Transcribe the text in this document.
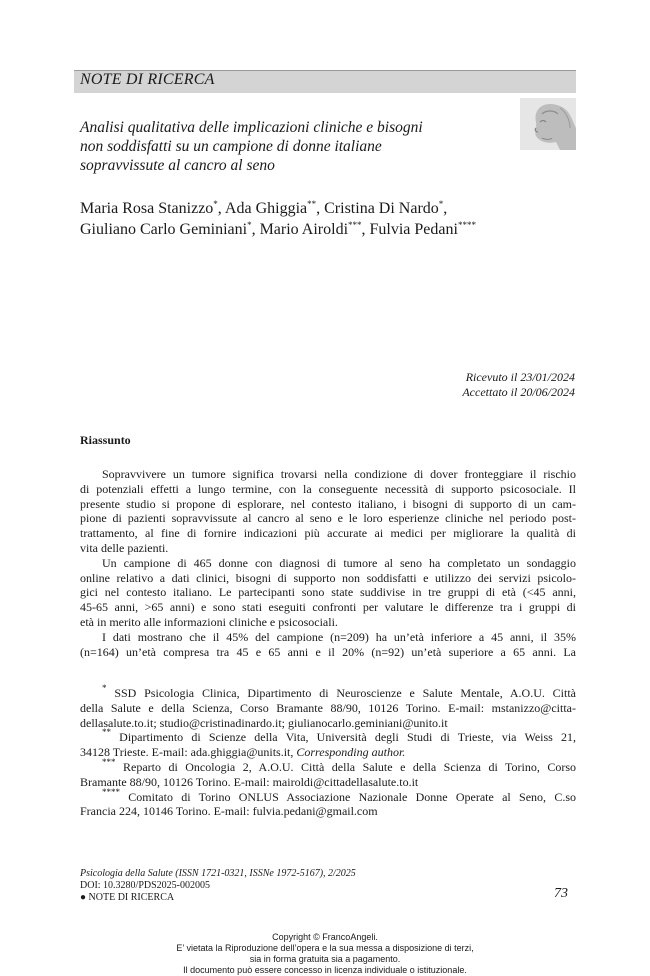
NOTE DI RICERCA
Analisi qualitativa delle implicazioni cliniche e bisogni
non soddisfatti su un campione di donne italiane
sopravvissute al cancro al seno
Maria Rosa Stanizzo*, Ada Ghiggia**, Cristina Di Nardo*,
Giuliano Carlo Geminiani*, Mario Airoldi***, Fulvia Pedani****
Ricevuto il 23/01/2024
Accettato il 20/06/2024
Riassunto
Sopravvivere un tumore significa trovarsi nella condizione di dover fronteggiare il rischio
di potenziali effetti a lungo termine, con la conseguente necessità di supporto psicosociale. Il
presente studio si propone di esplorare, nel contesto italiano, i bisogni di supporto di un cam-
pione di pazienti sopravvissute al cancro al seno e le loro esperienze cliniche nel periodo post-
trattamento, al fine di fornire indicazioni più accurate ai medici per migliorare la qualità di
vita delle pazienti.
Un campione di 465 donne con diagnosi di tumore al seno ha completato un sondaggio
online relativo a dati clinici, bisogni di supporto non soddisfatti e utilizzo dei servizi psicolo-
gici nel contesto italiano. Le partecipanti sono state suddivise in tre gruppi di età (<45 anni,
45-65 anni, >65 anni) e sono stati eseguiti confronti per valutare le differenze tra i gruppi di
età in merito alle informazioni cliniche e psicosociali.
I dati mostrano che il 45% del campione (n=209) ha un’età inferiore a 45 anni, il 35%
(n=164) un’età compresa tra 45 e 65 anni e il 20% (n=92) un’età superiore a 65 anni. La
* SSD Psicologia Clinica, Dipartimento di Neuroscienze e Salute Mentale, A.O.U. Città
della Salute e della Scienza, Corso Bramante 88/90, 10126 Torino. E-mail: mstanizzo@citta-
dellasalute.to.it; studio@cristinadinardo.it; giulianocarlo.geminiani@unito.it
** Dipartimento di Scienze della Vita, Università degli Studi di Trieste, via Weiss 21,
34128 Trieste. E-mail: ada.ghiggia@units.it, Corresponding author.
*** Reparto di Oncologia 2, A.O.U. Città della Salute e della Scienza di Torino, Corso
Bramante 88/90, 10126 Torino. E-mail: mairoldi@cittadellasalute.to.it
**** Comitato di Torino ONLUS Associazione Nazionale Donne Operate al Seno, C.so
Francia 224, 10146 Torino. E-mail: fulvia.pedani@gmail.com
Psicologia della Salute (ISSN 1721-0321, ISSNe 1972-5167), 2/2025
DOI: 10.3280/PDS2025-002005
● NOTE DI RICERCA	73
Copyright © FrancoAngeli.
E’ vietata la Riproduzione dell’opera e la sua messa a disposizione di terzi,
sia in forma gratuita sia a pagamento.
Il documento può essere concesso in licenza individuale o istituzionale.
